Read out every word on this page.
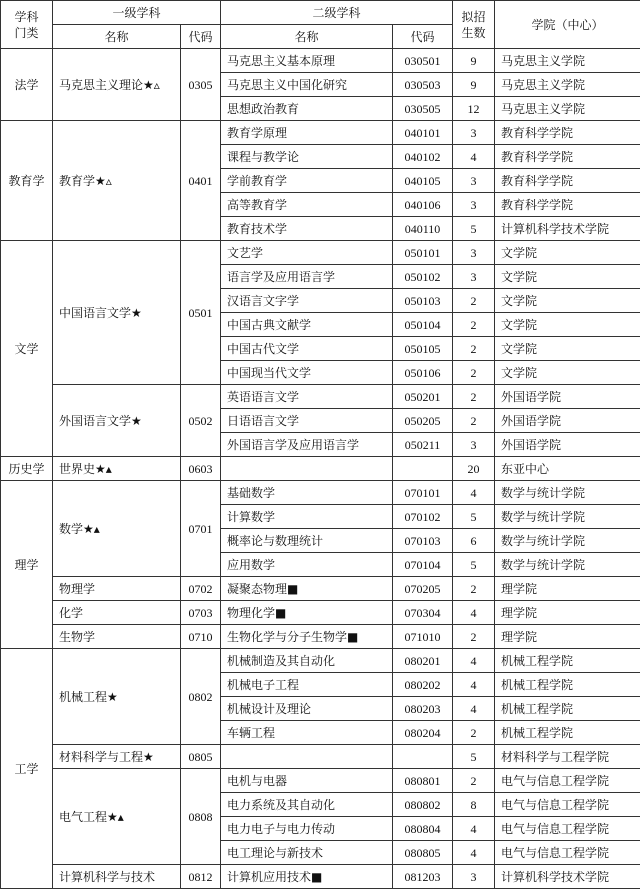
学科
门类	一级学科		二级学科		拟招
生数	学院（中心）
	名称	代码	名称	代码		
法学	马克思主义理论★▵	0305	马克思主义基本原理	030501	9	马克思主义学院
			马克思主义中国化研究	030503	9	马克思主义学院
			思想政治教育	030505	12	马克思主义学院
教育学	教育学★▵	0401	教育学原理	040101	3	教育科学学院
			课程与教学论	040102	4	教育科学学院
			学前教育学	040105	3	教育科学学院
			高等教育学	040106	3	教育科学学院
			教育技术学	040110	5	计算机科学技术学院
文学	中国语言文学★	0501	文艺学	050101	3	文学院
			语言学及应用语言学	050102	3	文学院
			汉语言文字学	050103	2	文学院
			中国古典文献学	050104	2	文学院
			中国古代文学	050105	2	文学院
			中国现当代文学	050106	2	文学院
	外国语言文学★	0502	英语语言文学	050201	2	外国语学院
			日语语言文学	050205	2	外国语学院
			外国语言学及应用语言学	050211	3	外国语学院
历史学	世界史★▴	0603			20	东亚中心
理学	数学★▴	0701	基础数学	070101	4	数学与统计学院
			计算数学	070102	5	数学与统计学院
			概率论与数理统计	070103	6	数学与统计学院
			应用数学	070104	5	数学与统计学院
	物理学	0702	凝聚态物理■	070205	2	理学院
	化学	0703	物理化学■	070304	4	理学院
	生物学	0710	生物化学与分子生物学■	071010	2	理学院
工学	机械工程★	0802	机械制造及其自动化	080201	4	机械工程学院
			机械电子工程	080202	4	机械工程学院
			机械设计及理论	080203	4	机械工程学院
			车辆工程	080204	2	机械工程学院
	材料科学与工程★	0805			5	材料科学与工程学院
	电气工程★▴	0808	电机与电器	080801	2	电气与信息工程学院
			电力系统及其自动化	080802	8	电气与信息工程学院
			电力电子与电力传动	080804	4	电气与信息工程学院
			电工理论与新技术	080805	4	电气与信息工程学院
	计算机科学与技术	0812	计算机应用技术■	081203	3	计算机科学技术学院
